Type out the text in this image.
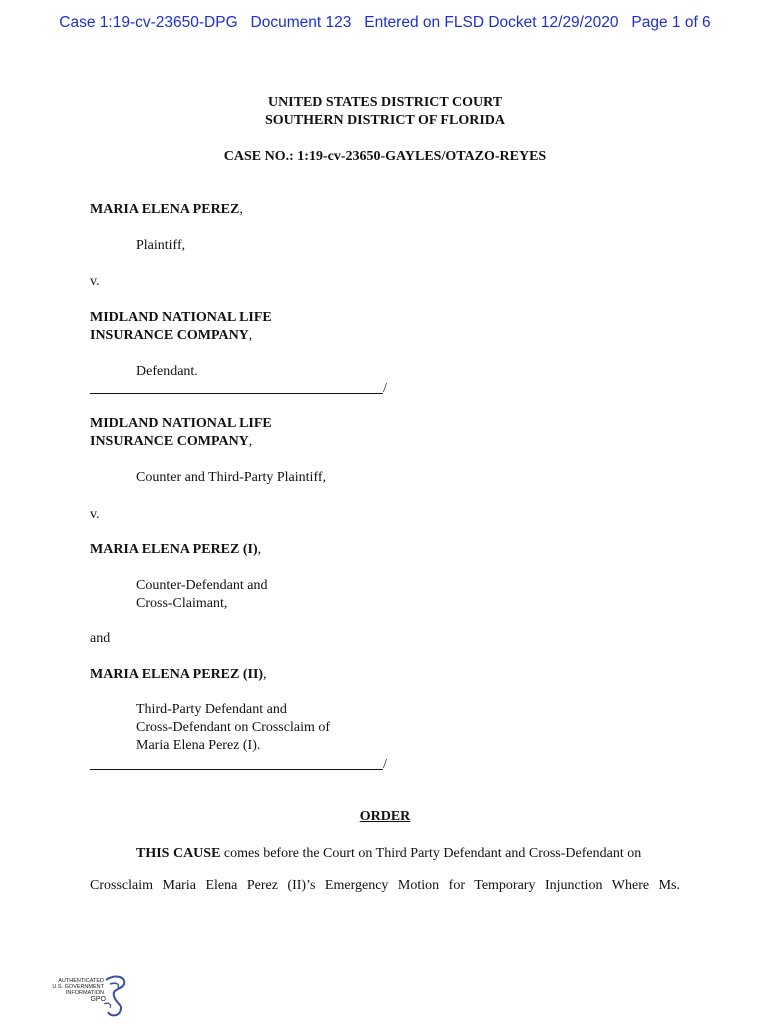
Case 1:19-cv-23650-DPG   Document 123   Entered on FLSD Docket 12/29/2020   Page 1 of 6
UNITED STATES DISTRICT COURT
SOUTHERN DISTRICT OF FLORIDA
CASE NO.: 1:19-cv-23650-GAYLES/OTAZO-REYES
MARIA ELENA PEREZ,
Plaintiff,
v.
MIDLAND NATIONAL LIFE
INSURANCE COMPANY,
Defendant.
/
MIDLAND NATIONAL LIFE
INSURANCE COMPANY,
Counter and Third-Party Plaintiff,
v.
MARIA ELENA PEREZ (I),
Counter-Defendant and
Cross-Claimant,
and
MARIA ELENA PEREZ (II),
Third-Party Defendant and
Cross-Defendant on Crossclaim of
Maria Elena Perez (I).
/
ORDER
THIS CAUSE comes before the Court on Third Party Defendant and Cross-Defendant on
Crossclaim Maria Elena Perez (II)’s Emergency Motion for Temporary Injunction Where Ms.
AUTHENTICATED
U.S. GOVERNMENT
INFORMATION
GPO
